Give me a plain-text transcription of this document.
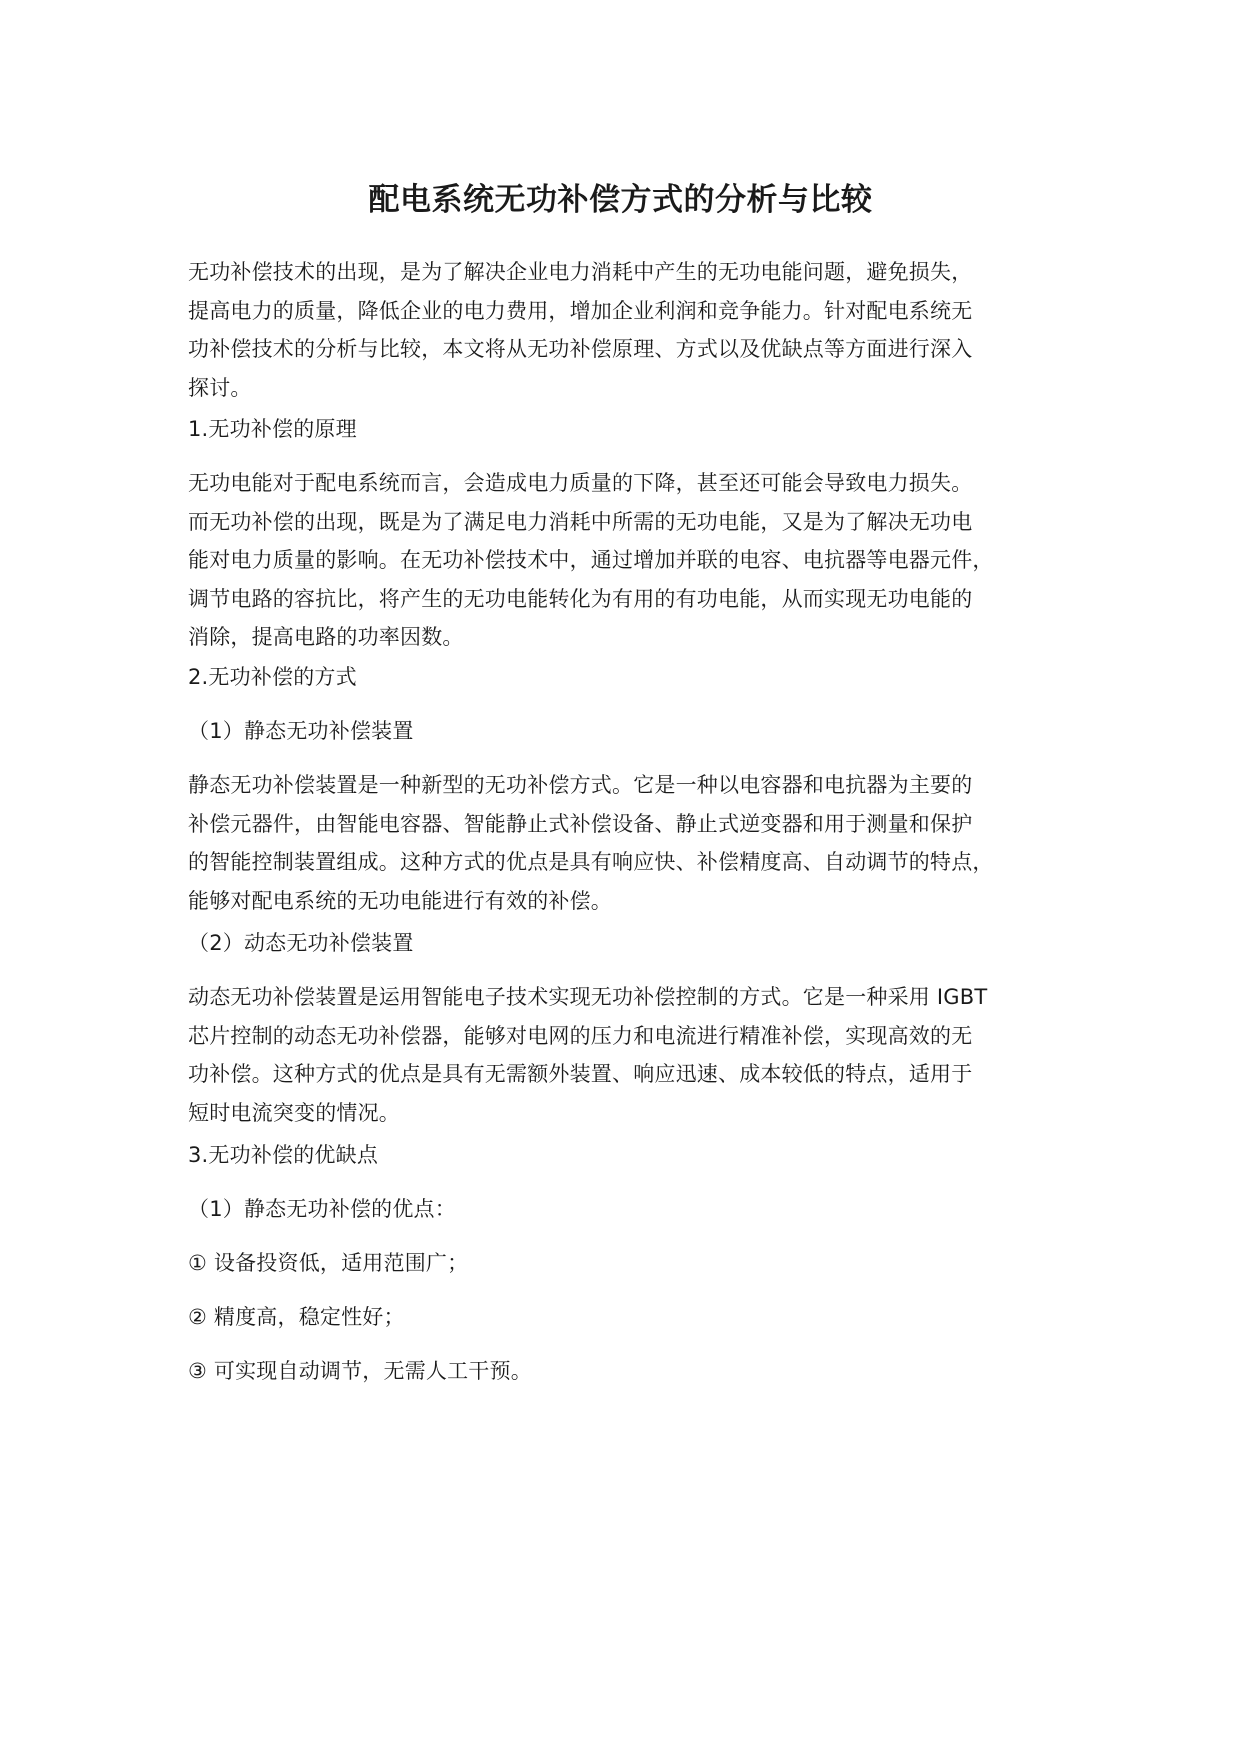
配电系统无功补偿方式的分析与比较

无功补偿技术的出现，是为了解决企业电力消耗中产生的无功电能问题，避免损失，
提高电力的质量，降低企业的电力费用，增加企业利润和竞争能力。针对配电系统无
功补偿技术的分析与比较，本文将从无功补偿原理、方式以及优缺点等方面进行深入
探讨。

1.无功补偿的原理

无功电能对于配电系统而言，会造成电力质量的下降，甚至还可能会导致电力损失。
而无功补偿的出现，既是为了满足电力消耗中所需的无功电能，又是为了解决无功电
能对电力质量的影响。在无功补偿技术中，通过增加并联的电容、电抗器等电器元件，
调节电路的容抗比，将产生的无功电能转化为有用的有功电能，从而实现无功电能的
消除，提高电路的功率因数。

2.无功补偿的方式

（1）静态无功补偿装置

静态无功补偿装置是一种新型的无功补偿方式。它是一种以电容器和电抗器为主要的
补偿元器件，由智能电容器、智能静止式补偿设备、静止式逆变器和用于测量和保护
的智能控制装置组成。这种方式的优点是具有响应快、补偿精度高、自动调节的特点，
能够对配电系统的无功电能进行有效的补偿。

（2）动态无功补偿装置

动态无功补偿装置是运用智能电子技术实现无功补偿控制的方式。它是一种采用 IGBT
芯片控制的动态无功补偿器，能够对电网的压力和电流进行精准补偿，实现高效的无
功补偿。这种方式的优点是具有无需额外装置、响应迅速、成本较低的特点，适用于
短时电流突变的情况。

3.无功补偿的优缺点

（1）静态无功补偿的优点：

① 设备投资低，适用范围广；

② 精度高，稳定性好；

③ 可实现自动调节，无需人工干预。
